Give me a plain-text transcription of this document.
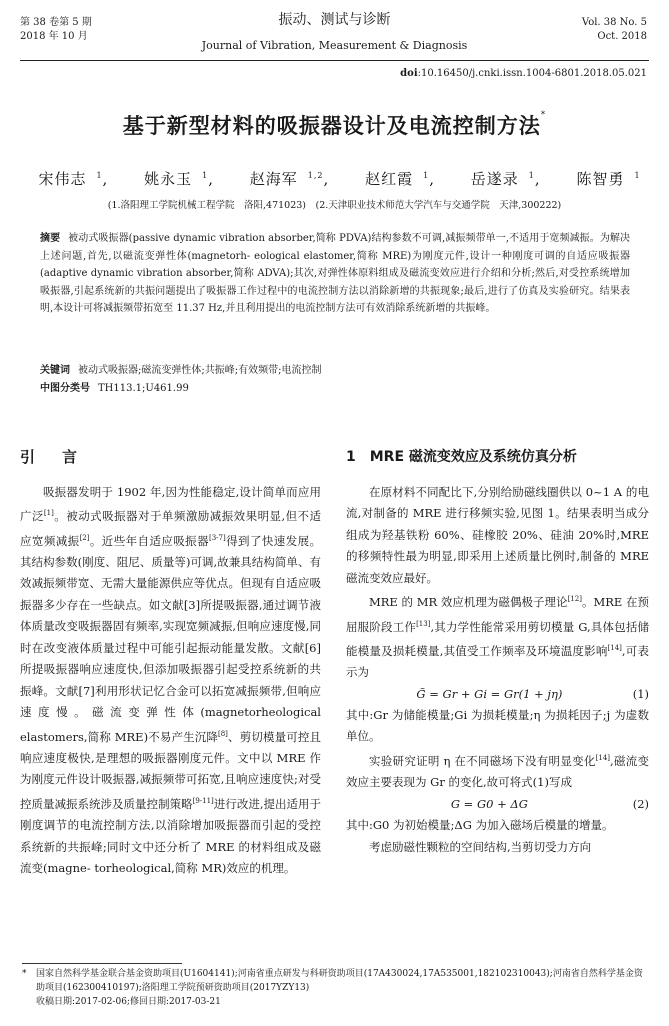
第 38 卷第 5 期
2018 年 10 月
振动、测试与诊断
Journal of Vibration, Measurement & Diagnosis
Vol. 38 No. 5
Oct. 2018
doi:10.16450/j.cnki.issn.1004-6801.2018.05.021
基于新型材料的吸振器设计及电流控制方法*
宋伟志 $^1$, 姚永玉 $^1$, 赵海军 $^{1,2}$, 赵红霞 $^1$, 岳遂录 $^1$, 陈智勇 $^1$
(1.洛阳理工学院机械工程学院　洛阳,471023)　(2.天津职业技术师范大学汽车与交通学院　天津,300222)
摘要 被动式吸振器(passive dynamic vibration absorber,简称 PDVA)结构参数不可调,减振频带单一,不适用于宽频减振。为解决上述问题,首先,以磁流变弹性体(magnetorh- eological elastomer,简称 MRE)为刚度元件,设计一种刚度可调的自适应吸振器(adaptive dynamic vibration absorber,简称 ADVA);其次,对弹性体原料组成及磁流变效应进行介绍和分析;然后,对受控系统增加吸振器,引起系统新的共振问题提出了吸振器工作过程中的电流控制方法以消除新增的共振现象;最后,进行了仿真及实验研究。结果表明,本设计可将减振频带拓宽至 11.37 Hz,并且利用提出的电流控制方法可有效消除系统新增的共振峰。
关键词 被动式吸振器;磁流变弹性体;共振峰;有效频带;电流控制
中图分类号 TH113.1;U461.99
引　言	1　MRE 磁流变效应及系统仿真分析
吸振器发明于 1902 年,因为性能稳定,设计简单而应用广泛[1]。被动式吸振器对于单频激励减振效果明显,但不适应宽频减振[2]。近些年自适应吸振器[3-7]得到了快速发展。其结构参数(刚度、阻尼、质量等)可调,故兼具结构简单、有效减振频带宽、无需大量能源供应等优点。但现有自适应吸振器多少存在一些缺点。如文献[3]所提吸振器,通过调节液体质量改变吸振器固有频率,实现宽频减振,但响应速度慢,同时在改变液体质量过程中可能引起振动能量发散。文献[6]所提吸振器响应速度快,但添加吸振器引起受控系统新的共振峰。文献[7]利用形状记忆合金可以拓宽减振频带,但响应速度慢。磁流变弹性体(magnetorheological elastomers,简称 MRE)不易产生沉降[8]、剪切模量可控且响应速度极快,是理想的吸振器刚度元件。文中以 MRE 作为刚度元件设计吸振器,减振频带可拓宽,且响应速度快;对受控质量减振系统涉及质量控制策略[9-11]进行改进,提出适用于刚度调节的电流控制方法,以消除增加吸振器而引起的受控系统新的共振峰;同时文中还分析了 MRE 的材料组成及磁流变(magne- torheological,简称 MR)效应的机理。

在原材料不同配比下,分别给励磁线圈供以 0~1 A 的电流,对制备的 MRE 进行移频实验,见图 1。结果表明当成分组成为羟基铁粉 60%、硅橡胶 20%、硅油 20%时,MRE 的移频特性最为明显,即采用上述质量比例时,制备的 MRE 磁流变效应最好。

MRE 的 MR 效应机理为磁偶极子理论[12]。MRE 在预屈服阶段工作[13],其力学性能常采用剪切模量 G,具体包括储能模量及损耗模量,其值受工作频率及环境温度影响[14],可表示为

G̃ = Gr + Gi = Gr(1 + jη)	(1)

其中:Gr 为储能模量;Gi 为损耗模量;η 为损耗因子;j 为虚数单位。

实验研究证明 η 在不同磁场下没有明显变化[14],磁流变效应主要表现为 Gr 的变化,故可将式(1)写成

G = G0 + ΔG	(2)

其中:G0 为初始模量;ΔG 为加入磁场后模量的增量。

考虑励磁性颗粒的空间结构,当剪切受力方向

* 国家自然科学基金联合基金资助项目(U1604141);河南省重点研发与科研资助项目(17A430024,17A535001,182102310043);河南省自然科学基金资助项目(162300410197);洛阳理工学院预研资助项目(2017YZY13)
收稿日期:2017-02-06;修回日期:2017-03-21
